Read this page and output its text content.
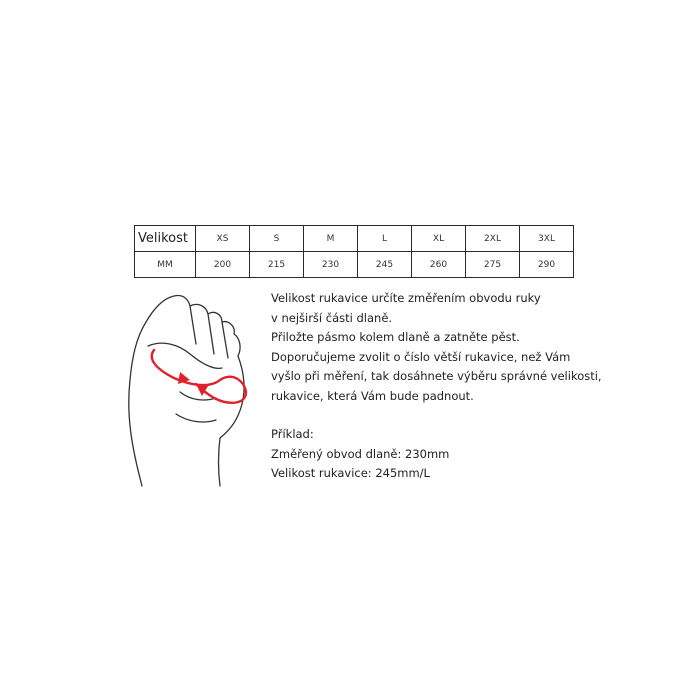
Velikost	XS	S	M	L	XL	2XL	3XL
MM	200	215	230	245	260	275	290
Velikost rukavice určíte změřením obvodu ruky
v nejširší části dlaně.
Přiložte pásmo kolem dlaně a zatněte pěst.
Doporučujeme zvolit o číslo větší rukavice, než Vám
vyšlo při měření, tak dosáhnete výběru správné velikosti,
rukavice, která Vám bude padnout.
Příklad:
Změřený obvod dlaně: 230mm
Velikost rukavice: 245mm/L
